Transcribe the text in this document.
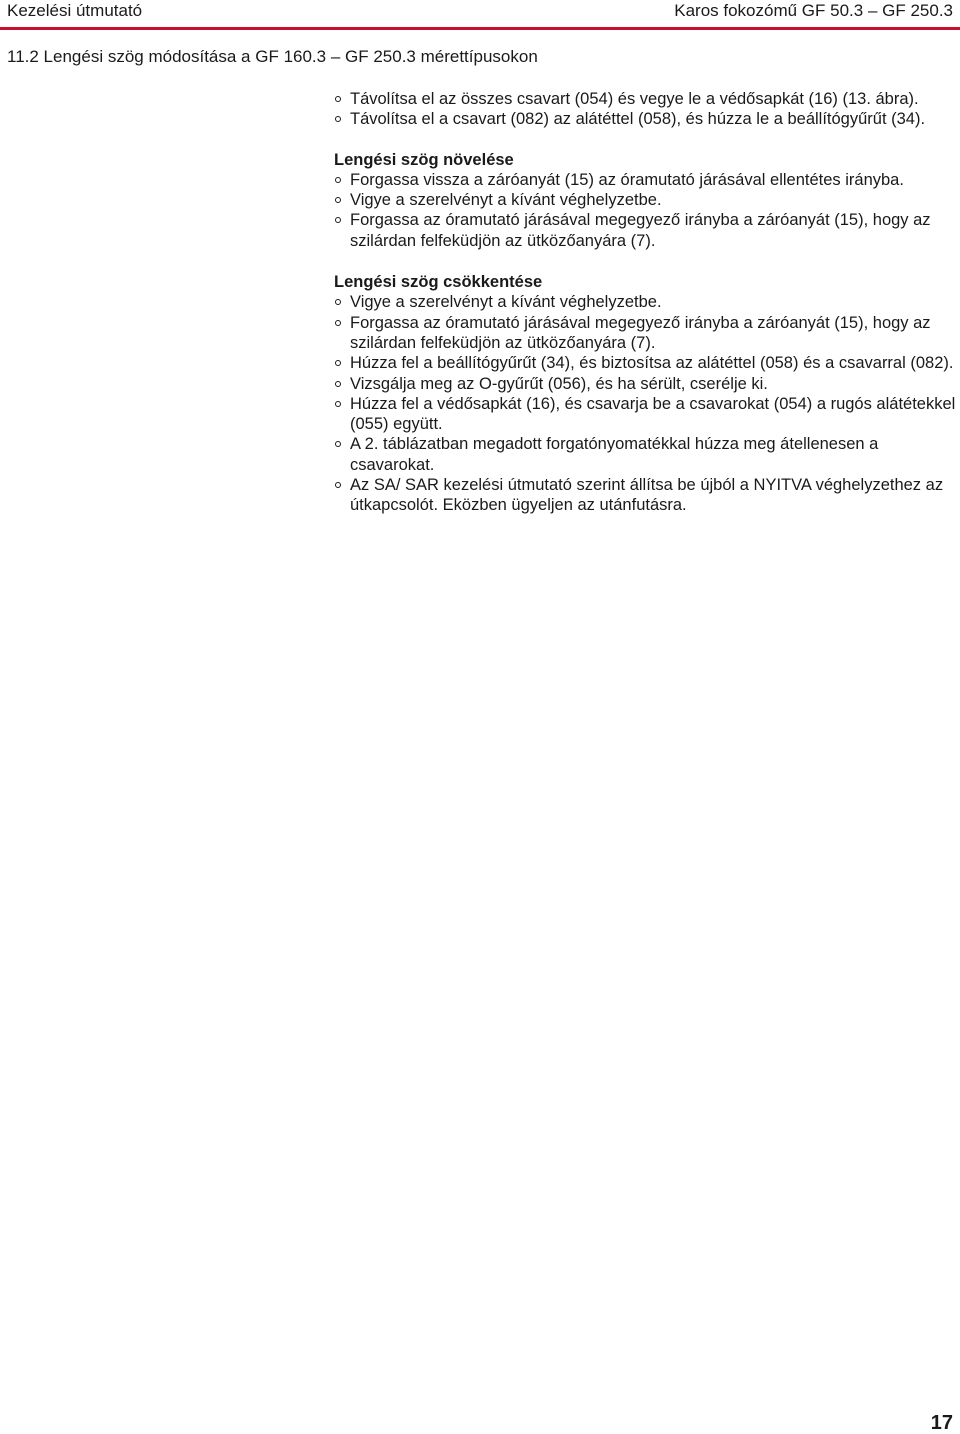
Kezelési útmutató	Karos fokozómű GF 50.3 – GF 250.3
11.2 Lengési szög módosítása a GF 160.3 – GF 250.3 mérettípusokon
Távolítsa el az összes csavart (054) és vegye le a védősapkát (16) (13. ábra).
Távolítsa el a csavart (082) az alátéttel (058), és húzza le a beállítógyűrűt (34).

Lengési szög növelése

Forgassa vissza a záróanyát (15) az óramutató járásával ellentétes irányba.
Vigye a szerelvényt a kívánt véghelyzetbe.
Forgassa az óramutató járásával megegyező irányba a záróanyát (15), hogy az szilárdan felfeküdjön az ütközőanyára (7).

Lengési szög csökkentése

Vigye a szerelvényt a kívánt véghelyzetbe.
Forgassa az óramutató járásával megegyező irányba a záróanyát (15), hogy az szilárdan felfeküdjön az ütközőanyára (7).
Húzza fel a beállítógyűrűt (34), és biztosítsa az alátéttel (058) és a csavarral (082).
Vizsgálja meg az O-gyűrűt (056), és ha sérült, cserélje ki.
Húzza fel a védősapkát (16), és csavarja be a csavarokat (054) a rugós alátétekkel (055) együtt.
A 2. táblázatban megadott forgatónyomatékkal húzza meg átellenesen a csavarokat.
Az SA/ SAR kezelési útmutató szerint állítsa be újból a NYITVA véghelyzethez az útkapcsolót. Eközben ügyeljen az utánfutásra.
17
